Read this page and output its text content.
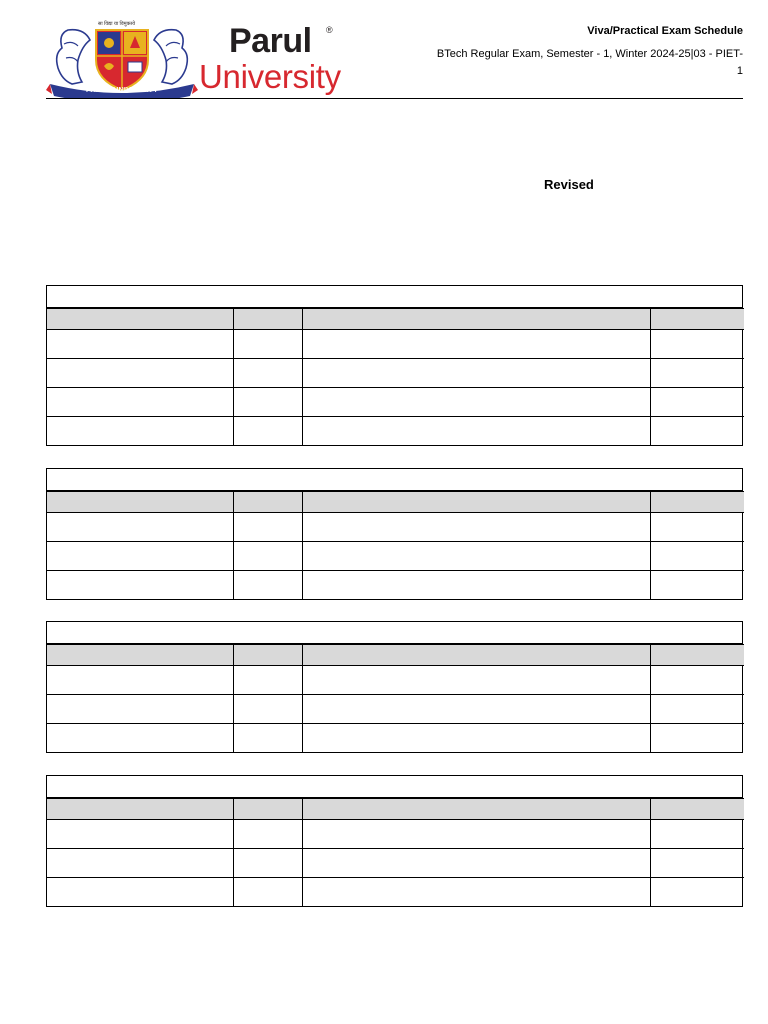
सा विद्या या विमुक्तये
PARUL UNIVERSITY
Parul ®
University
Viva/Practical Exam Schedule
BTech Regular Exam, Semester - 1, Winter 2024-25|03 - PIET-1
Revised
